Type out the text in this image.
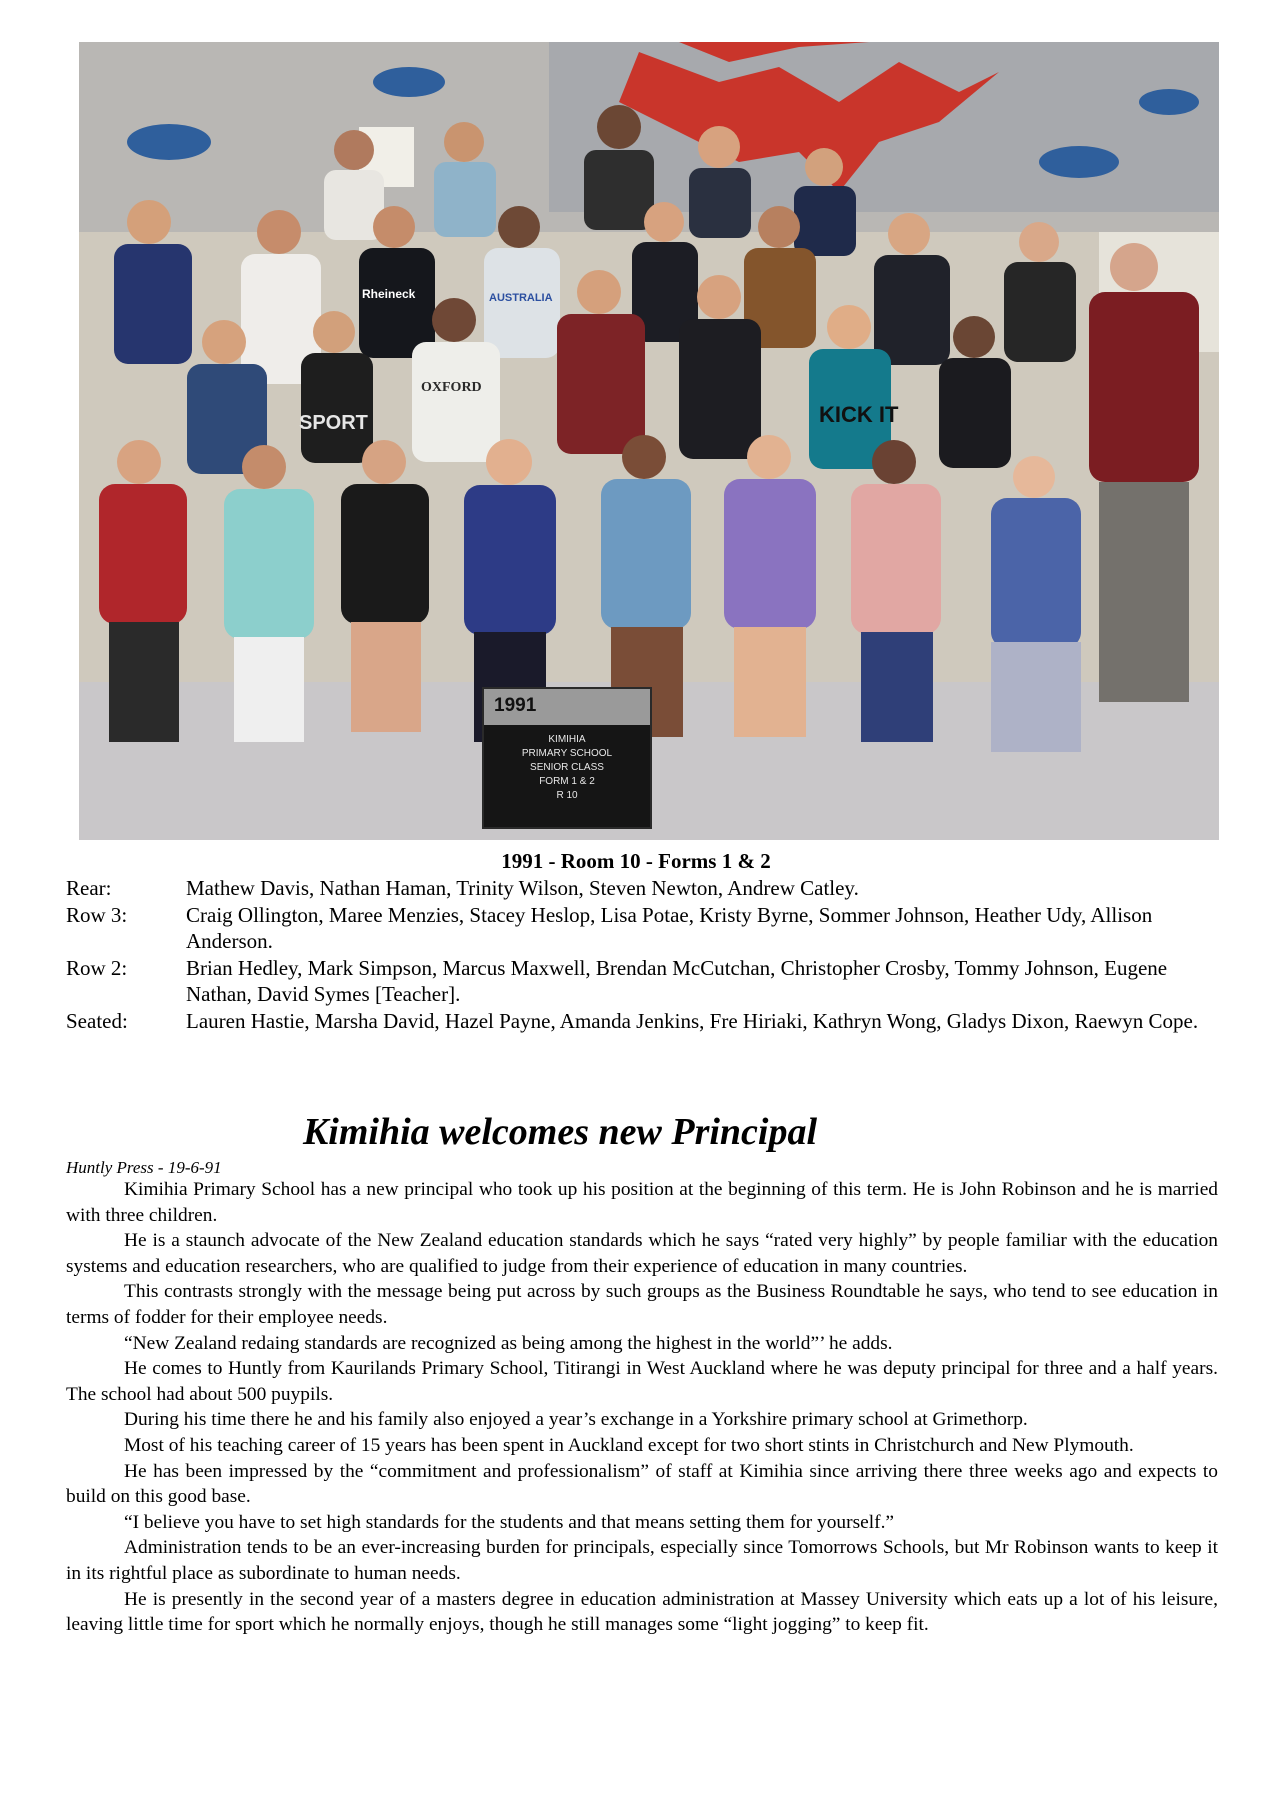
1991
KIMIHIA
PRIMARY SCHOOL
SENIOR CLASS
FORM 1 & 2
R 10
Rheineck	AUSTRALIA
SPORT
OXFORD
KICK IT
1991 - Room 10 - Forms 1 & 2
Rear:	Mathew Davis, Nathan Haman, Trinity Wilson, Steven Newton, Andrew Catley.
Row 3:	Craig Ollington, Maree Menzies, Stacey Heslop, Lisa Potae, Kristy Byrne, Sommer Johnson, Heather Udy, Allison Anderson.
Row 2:	Brian Hedley, Mark Simpson, Marcus Maxwell, Brendan McCutchan, Christopher Crosby, Tommy Johnson, Eugene Nathan, David Symes [Teacher].
Seated:	Lauren Hastie, Marsha David, Hazel Payne, Amanda Jenkins, Fre Hiriaki, Kathryn Wong, Gladys Dixon, Raewyn Cope.
Kimihia welcomes new Principal
Huntly Press - 19-6-91

Kimihia Primary School has a new principal who took up his position at the beginning of this term. He is John Robinson and he is married with three children.

He is a staunch advocate of the New Zealand education standards which he says “rated very highly” by people familiar with the education systems and education researchers, who are qualified to judge from their experience of education in many countries.

This contrasts strongly with the message being put across by such groups as the Business Roundtable he says, who tend to see education in terms of fodder for their employee needs.

“New Zealand redaing standards are recognized as being among the highest in the world”’ he adds.

He comes to Huntly from Kaurilands Primary School, Titirangi in West Auckland where he was deputy principal for three and a half years. The school had about 500 puypils.

During his time there he and his family also enjoyed a year’s exchange in a Yorkshire primary school at Grimethorp.

Most of his teaching career of 15 years has been spent in Auckland except for two short stints in Christchurch and New Plymouth.

He has been impressed by the “commitment and professionalism” of staff at Kimihia since arriving there three weeks ago and expects to build on this good base.

“I believe you have to set high standards for the students and that means setting them for yourself.”

Administration tends to be an ever-increasing burden for principals, especially since Tomorrows Schools, but Mr Robinson wants to keep it in its rightful place as subordinate to human needs.

He is presently in the second year of a masters degree in education administration at Massey University which eats up a lot of his leisure, leaving little time for sport which he normally enjoys, though he still manages some “light jogging” to keep fit.
